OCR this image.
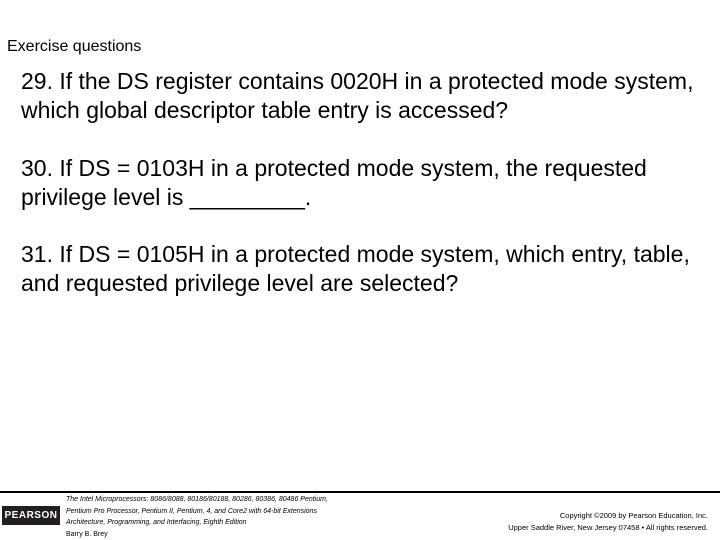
Exercise questions

29. If the DS register contains 0020H in a protected mode system, which global descriptor table entry is accessed?

30. If DS = 0103H in a protected mode system, the requested privilege level is _________.

31. If DS = 0105H in a protected mode system, which entry, table, and requested privilege level are selected?

PEARSON
The Intel Microprocessors: 8086/8088, 80186/80188, 80286, 80386, 80486 Pentium,
Pentium Pro Processor, Pentium II, Pentium, 4, and Core2 with 64-bit Extensions
Architecture, Programming, and Interfacing, Eighth Edition
Barry B. Brey
Copyright ©2009 by Pearson Education, Inc.
Upper Saddle River, New Jersey 07458 • All rights reserved.
